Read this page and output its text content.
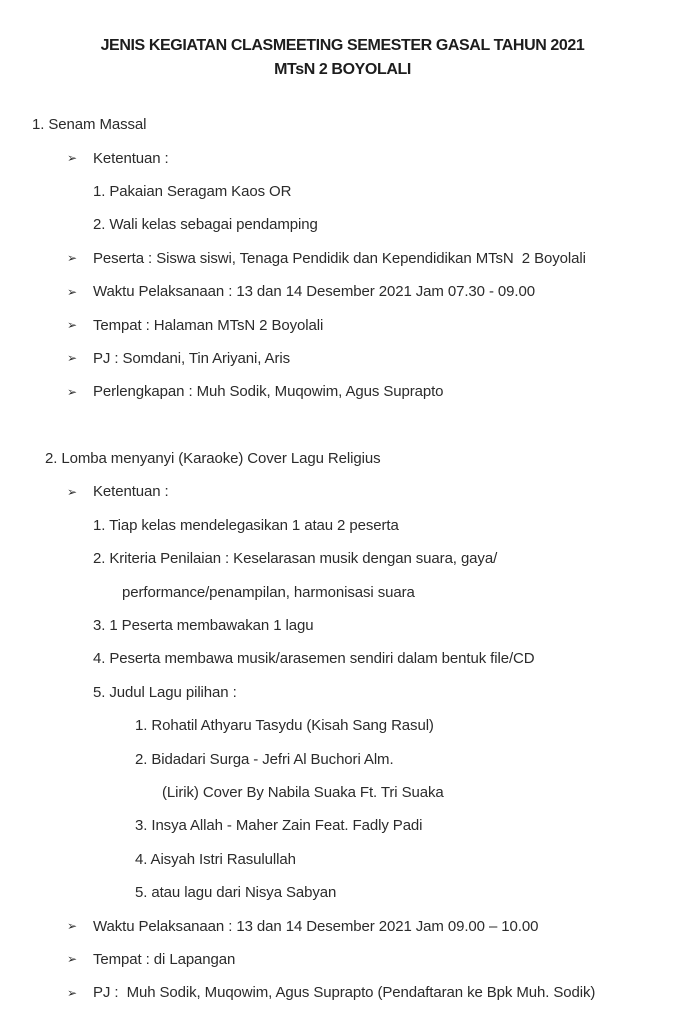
JENIS KEGIATAN CLASMEETING SEMESTER GASAL TAHUN 2021
MTsN 2 BOYOLALI
1. Senam Massal
➢	Ketentuan :
1. Pakaian Seragam Kaos OR
2. Wali kelas sebagai pendamping
➢	Peserta : Siswa siswi, Tenaga Pendidik dan Kependidikan MTsN  2 Boyolali
➢	Waktu Pelaksanaan : 13 dan 14 Desember 2021 Jam 07.30 - 09.00
➢	Tempat : Halaman MTsN 2 Boyolali
➢	PJ : Somdani, Tin Ariyani, Aris
➢	Perlengkapan : Muh Sodik, Muqowim, Agus Suprapto
2. Lomba menyanyi (Karaoke) Cover Lagu Religius
➢	Ketentuan :
1. Tiap kelas mendelegasikan 1 atau 2 peserta
2. Kriteria Penilaian : Keselarasan musik dengan suara, gaya/
performance/penampilan, harmonisasi suara
3. 1 Peserta membawakan 1 lagu
4. Peserta membawa musik/arasemen sendiri dalam bentuk file/CD
5. Judul Lagu pilihan :
1. Rohatil Athyaru Tasydu (Kisah Sang Rasul)
2. Bidadari Surga - Jefri Al Buchori Alm.
(Lirik) Cover By Nabila Suaka Ft. Tri Suaka
3. Insya Allah - Maher Zain Feat. Fadly Padi
4. Aisyah Istri Rasulullah
5. atau lagu dari Nisya Sabyan
➢	Waktu Pelaksanaan : 13 dan 14 Desember 2021 Jam 09.00 – 10.00
➢	Tempat : di Lapangan
➢	PJ :  Muh Sodik, Muqowim, Agus Suprapto (Pendaftaran ke Bpk Muh. Sodik)
